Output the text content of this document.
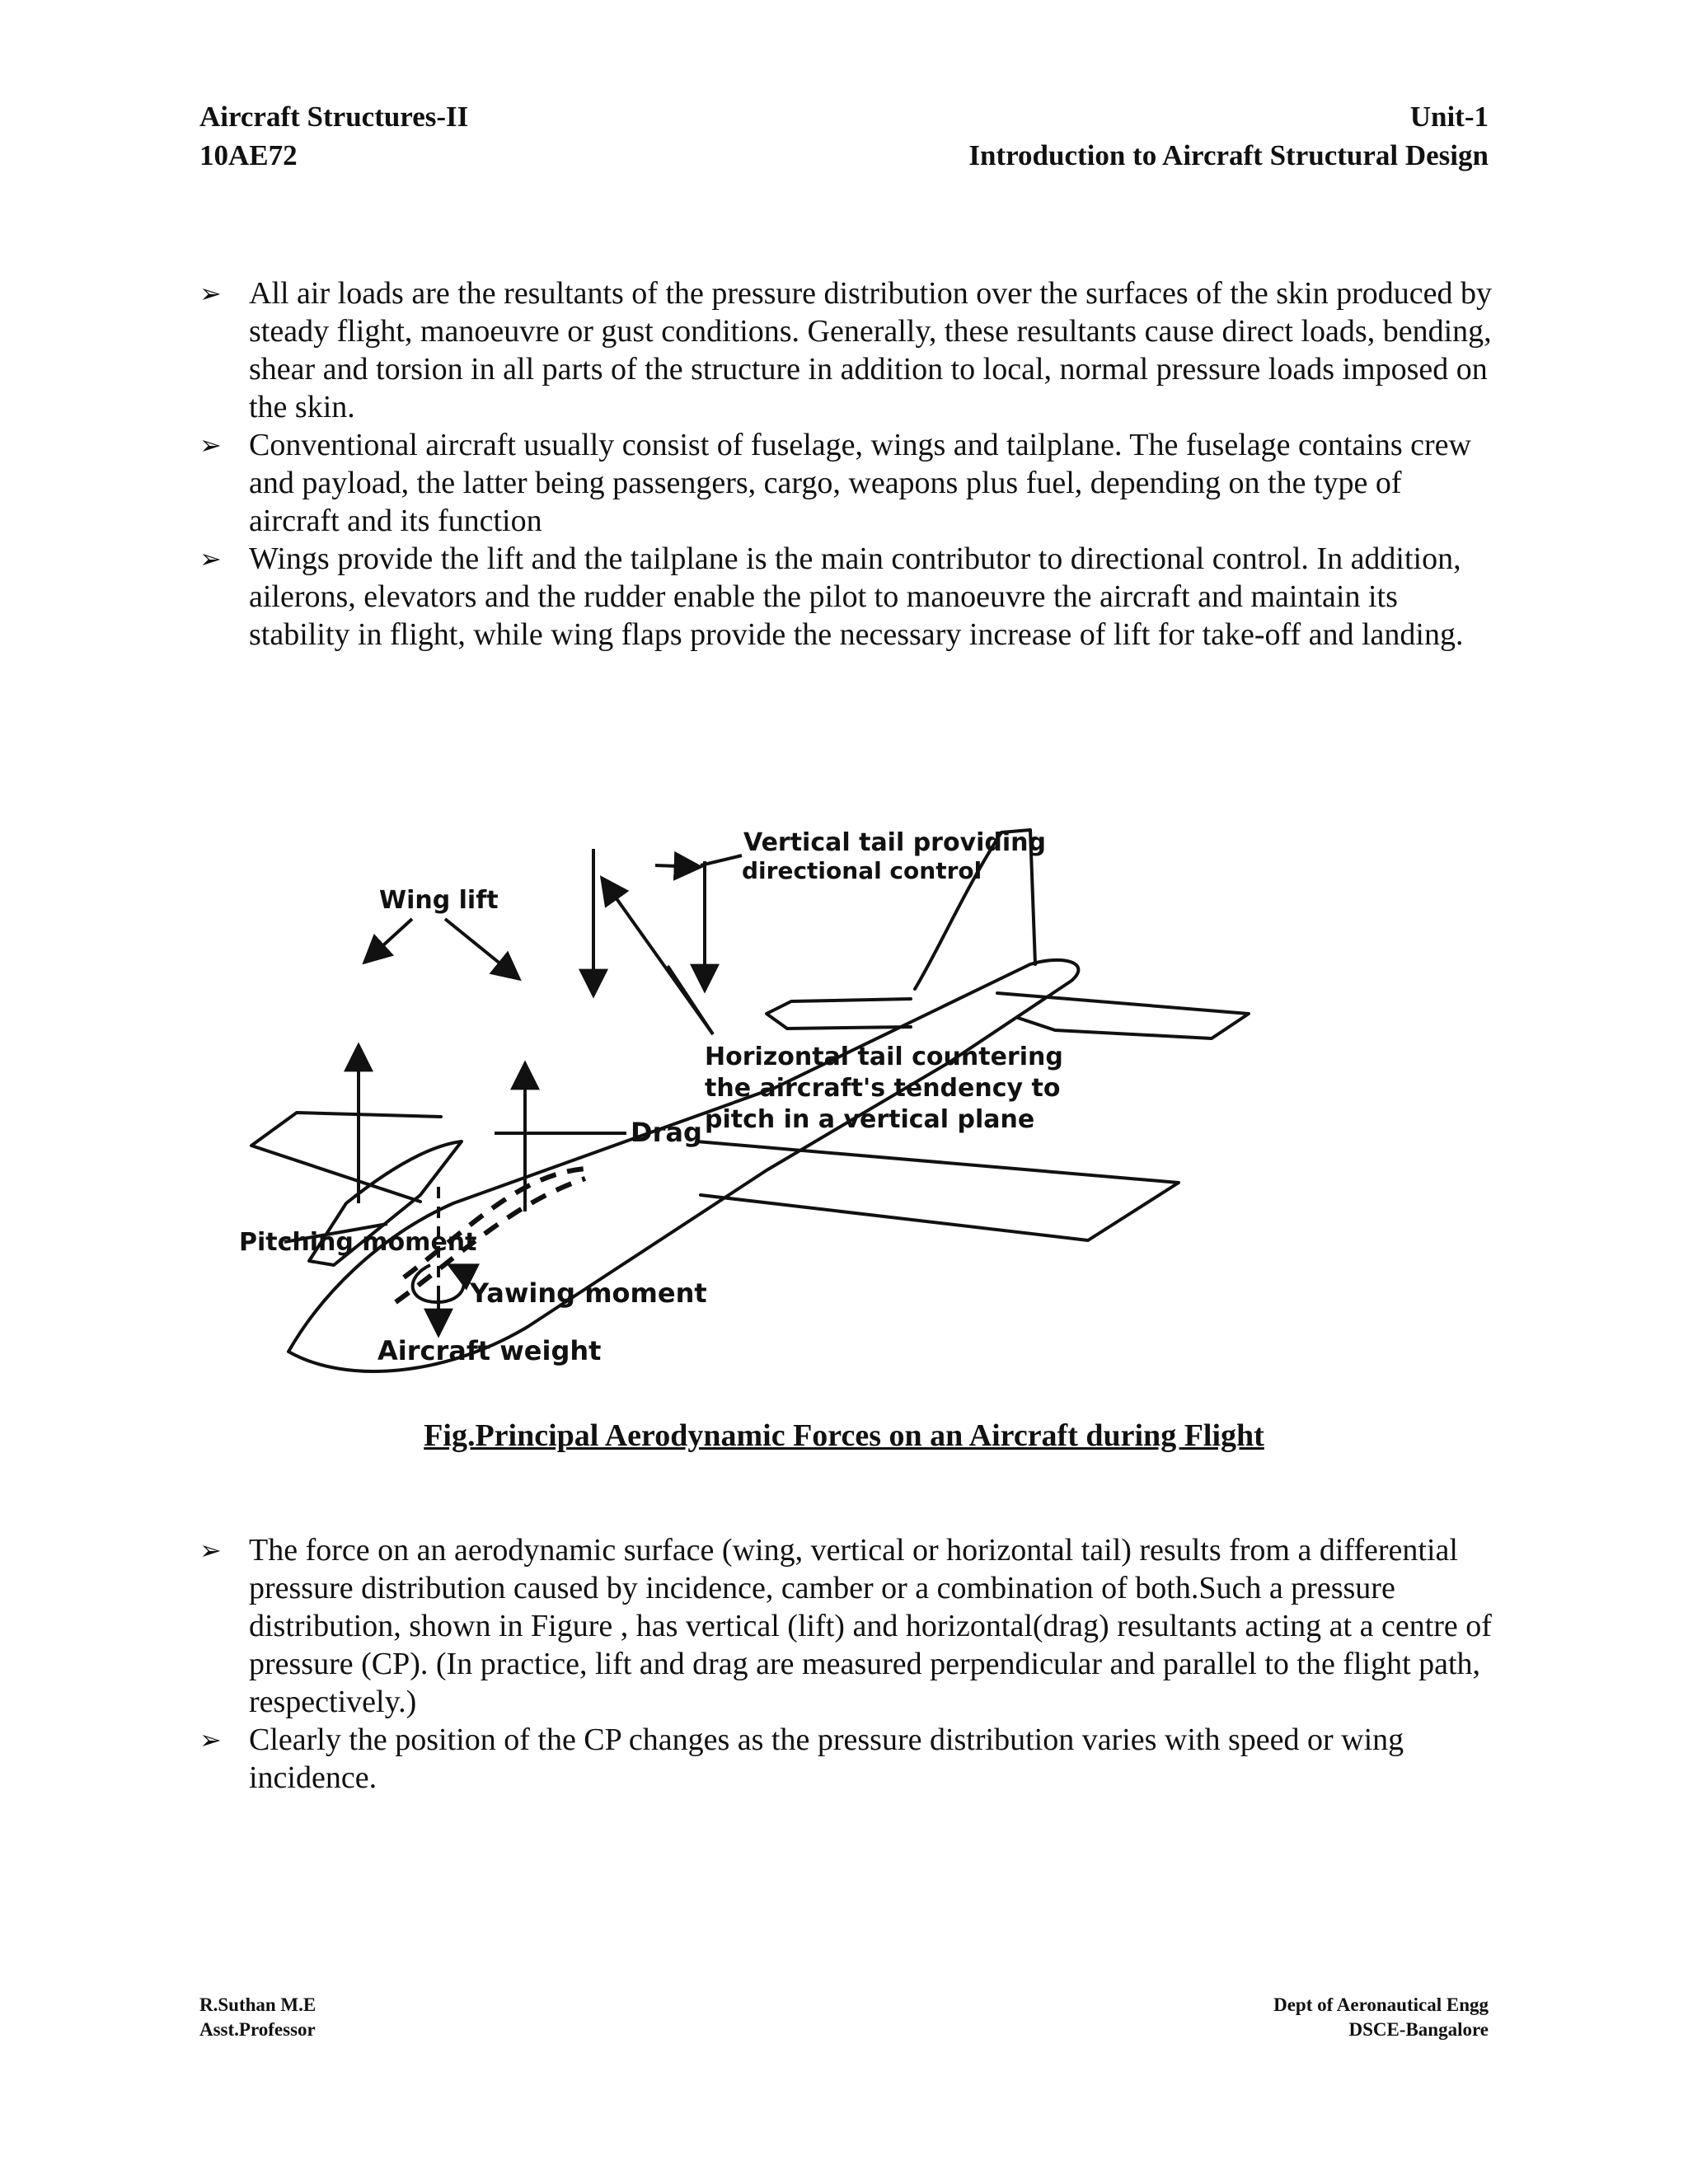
Aircraft Structures-II	Unit-1
10AE72	Introduction to Aircraft Structural Design

➢ All air loads are the resultants of the pressure distribution over the surfaces of the skin produced by steady flight, manoeuvre or gust conditions. Generally, these resultants cause direct loads, bending, shear and torsion in all parts of the structure in addition to local, normal pressure loads imposed on the skin.

➢ Conventional aircraft usually consist of fuselage, wings and tailplane. The fuselage contains crew and payload, the latter being passengers, cargo, weapons plus fuel, depending on the type of aircraft and its function

➢ Wings provide the lift and the tailplane is the main contributor to directional control. In addition, ailerons, elevators and the rudder enable the pilot to manoeuvre the aircraft and maintain its stability in flight, while wing flaps provide the necessary increase of lift for take-off and landing.

Vertical tail providing
directional control
Wing lift
Horizontal tail countering
the aircraft's tendency to
pitch in a vertical plane
Drag
Pitching moment
Yawing moment
Aircraft weight
Fig.Principal Aerodynamic Forces on an Aircraft during Flight

➢ The force on an aerodynamic surface (wing, vertical or horizontal tail) results from a differential pressure distribution caused by incidence, camber or a combination of both.Such a pressure distribution, shown in Figure , has vertical (lift) and horizontal(drag) resultants acting at a centre of pressure (CP). (In practice, lift and drag are measured perpendicular and parallel to the flight path, respectively.)

➢ Clearly the position of the CP changes as the pressure distribution varies with speed or wing incidence.

R.Suthan M.E	Dept of Aeronautical Engg
Asst.Professor	DSCE-Bangalore
